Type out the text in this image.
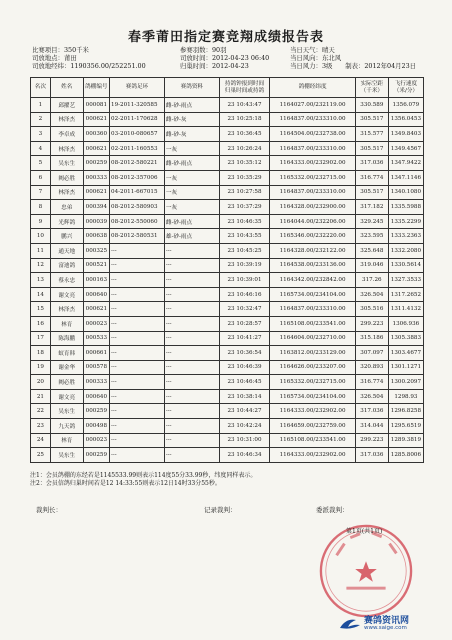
春季莆田指定赛竞翔成绩报告表
比赛项目：350千米
司放地点：莆田
司放地经纬：1190356.00/252251.00
参赛羽数：90羽
司放时间：2012-04-23 06:40
归巢时间：2012-04-23
当日天气：晴天
当日风向：东北风
当日风力：3级　　制表：2012年04月23日
名次	姓名	鸽棚编号	赛鸽足环	赛鸽资料	持鸽钟报到时间
归巢时间或持鸽	鸽棚经纬度	实际空距（千米）	飞行速度（米/分）
1	邱擢艺	000081	19-2011-320585	雌-砂-雨点	23 10:43:47	1164027.00/232119.00	330.589	1356.079
2	林泽杰	000621	02-2011-170628	雌-砂-灰	23 10:25:18	1164837.00/233310.00	305.517	1356.0453
3	李卓成	000360	03-2010-080657	雌-砂-灰	23 10:36:45	1164504.00/232738.00	315.577	1349.8403
4	林泽杰	000621	02-2011-160553	一灰	23 10:26:24	1164837.00/233310.00	305.517	1349.4567
5	吴东生	000259	08-2012-580221	雌-砂-雨点	23 10:35:12	1164333.00/232902.00	317.036	1347.9422
6	阙必胜	000333	08-2012-357006	一灰	23 10:35:29	1165332.00/232715.00	316.774	1347.1146
7	林泽杰	000621	04-2011-667015	一灰	23 10:27:58	1164837.00/233310.00	305.517	1340.1080
8	忠弟	000394	08-2012-580903	一灰	23 10:37:29	1164328.00/232900.00	317.182	1335.5988
9	光辉鸽	000039	08-2012-550060	雌-砂-雨点	23 10:46:35	1164044.00/232206.00	329.245	1335.2299
10	鹏兴	000638	08-2012-580531	雄-砂-雨点	23 10:43:55	1165346.00/232220.00	323.595	1333.2363
11	通天地	000325	---	---	23 10:45:25	1164328.00/232122.00	325.648	1332.2080
12	富迪鸽	000521	---	---	23 10:39:19	1164538.00/233136.00	319.046	1330.5614
13	蔡永忠	000163	---	---	23 10:39:01	1164342.00/232842.00	317.26	1327.3533
14	谢文亮	000640	---	---	23 10:46:16	1165734.00/234104.00	326.504	1317.2652
15	林泽杰	000621	---	---	23 10:32:47	1164837.00/233310.00	305.516	1311.4132
16	林育	000023	---	---	23 10:28:57	1165108.00/233541.00	299.223	1306.936
17	陈海鹏	000533	---	---	23 10:41:27	1164604.00/232710.00	315.186	1305.3883
18	蚁育韩	000661	---	---	23 10:36:54	1163812.00/233129.00	307.097	1303.4677
19	谢金华	000578	---	---	23 10:46:39	1164626.00/233207.00	320.893	1301.1271
20	阙必胜	000333	---	---	23 10:46:45	1165332.00/232715.00	316.774	1300.2097
21	谢文亮	000640	---	---	23 10:38:14	1165734.00/234104.00	326.504	1298.93
22	吴东生	000259	---	---	23 10:44:27	1164333.00/232902.00	317.036	1296.8258
23	九天鸽	000498	---	---	23 10:42:24	1164659.00/232759.00	314.044	1295.6519
24	林育	000023	---	---	23 10:31:00	1165108.00/233541.00	299.223	1289.3819
25	吴东生	000259	---	---	23 10:46:34	1164333.00/232902.00	317.036	1285.8006
注1：会员鸽棚的东经若是1145533.99则表示114度55分33.99秒，纬度同样表示。
注2：会员信鸽归巢时间若是12 14:33:55则表示12日14时33分55秒。
裁判长：	记录裁判：	委派裁判：
第1页(共1页)
赛鸽资讯网
www.saige.com
